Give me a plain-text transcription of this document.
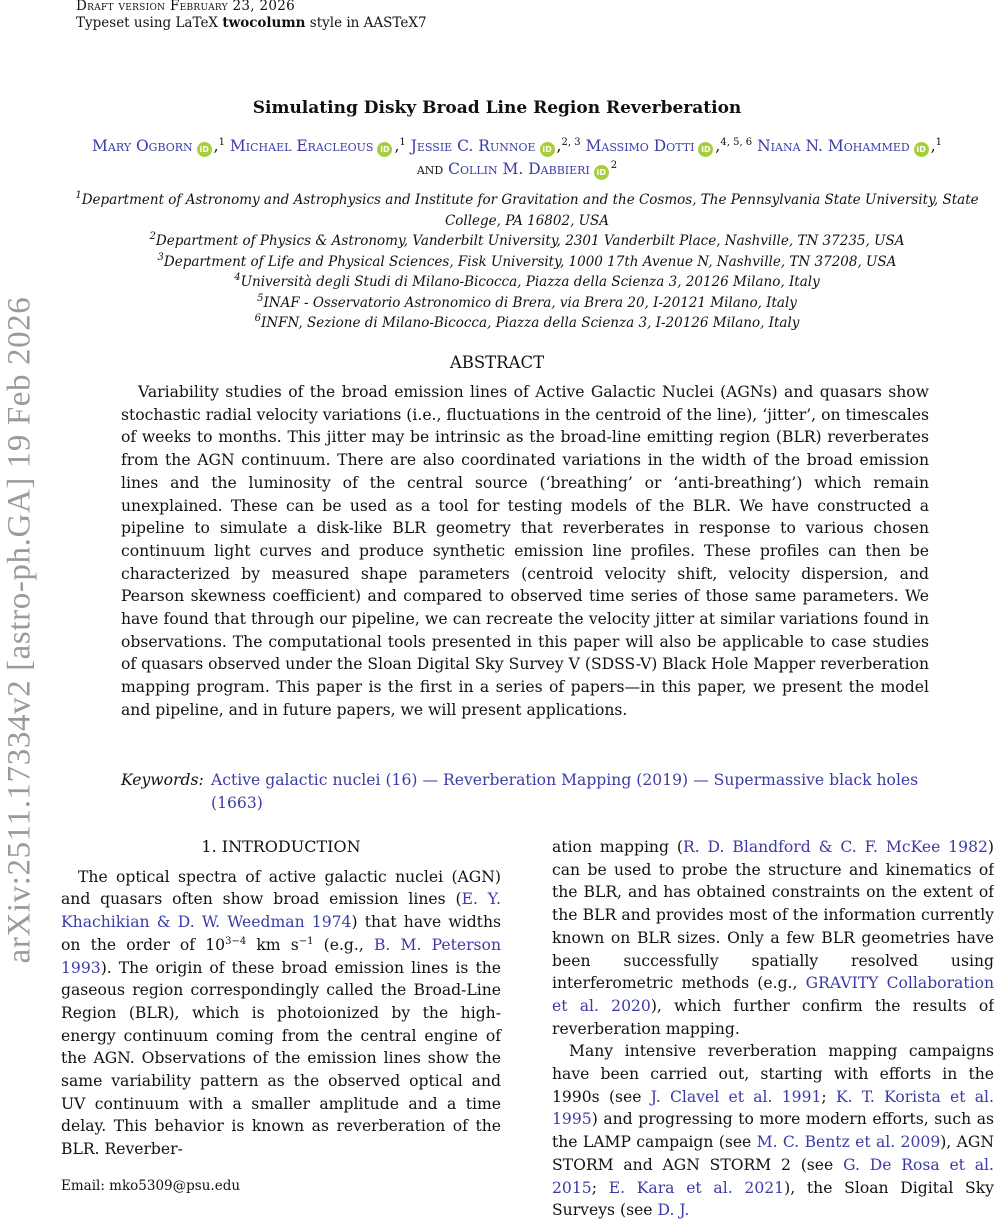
Draft version February 23, 2026
Typeset using LaTeX twocolumn style in AASTeX7
arXiv:2511.17334v2 [astro-ph.GA] 19 Feb 2026
Simulating Disky Broad Line Region Reverberation
Mary Ogborn iD ,$^1$ Michael Eracleous iD ,$^1$ Jessie C. Runnoe iD ,$^{2, 3}$ Massimo Dotti iD ,$^{4, 5, 6}$ Niana N. Mohammed iD ,$^1$
and Collin M. Dabbieri $iD^2$
$^1$Department of Astronomy and Astrophysics and Institute for Gravitation and the Cosmos, The Pennsylvania State University, State College, PA 16802, USA
$^2$Department of Physics & Astronomy, Vanderbilt University, 2301 Vanderbilt Place, Nashville, TN 37235, USA
$^3$Department of Life and Physical Sciences, Fisk University, 1000 17th Avenue N, Nashville, TN 37208, USA
$^4$Università degli Studi di Milano-Bicocca, Piazza della Scienza 3, 20126 Milano, Italy
$^5$INAF - Osservatorio Astronomico di Brera, via Brera 20, I-20121 Milano, Italy
$^6$INFN, Sezione di Milano-Bicocca, Piazza della Scienza 3, I-20126 Milano, Italy
ABSTRACT
Variability studies of the broad emission lines of Active Galactic Nuclei (AGNs) and quasars show stochastic radial velocity variations (i.e., fluctuations in the centroid of the line), ‘jitter’, on timescales of weeks to months. This jitter may be intrinsic as the broad-line emitting region (BLR) reverberates from the AGN continuum. There are also coordinated variations in the width of the broad emission lines and the luminosity of the central source (‘breathing’ or ‘anti-breathing’) which remain unexplained. These can be used as a tool for testing models of the BLR. We have constructed a pipeline to simulate a disk-like BLR geometry that reverberates in response to various chosen continuum light curves and produce synthetic emission line profiles. These profiles can then be characterized by measured shape parameters (centroid velocity shift, velocity dispersion, and Pearson skewness coefficient) and compared to observed time series of those same parameters. We have found that through our pipeline, we can recreate the velocity jitter at similar variations found in observations. The computational tools presented in this paper will also be applicable to case studies of quasars observed under the Sloan Digital Sky Survey V (SDSS-V) Black Hole Mapper reverberation mapping program. This paper is the first in a series of papers—in this paper, we present the model and pipeline, and in future papers, we will present applications.
Keywords: Active galactic nuclei (16) — Reverberation Mapping (2019) — Supermassive black holes (1663)
1. INTRODUCTION

The optical spectra of active galactic nuclei (AGN) and quasars often show broad emission lines (E. Y. Khachikian & D. W. Weedman 1974) that have widths on the order of $10^{3-4}$ km $s^{-1}$ (e.g., B. M. Peterson 1993). The origin of these broad emission lines is the gaseous region correspondingly called the Broad-Line Region (BLR), which is photoionized by the high-energy continuum coming from the central engine of the AGN. Observations of the emission lines show the same variability pattern as the observed optical and UV continuum with a smaller amplitude and a time delay. This behavior is known as reverberation of the BLR. Reverber-

ation mapping (R. D. Blandford & C. F. McKee 1982) can be used to probe the structure and kinematics of the BLR, and has obtained constraints on the extent of the BLR and provides most of the information currently known on BLR sizes. Only a few BLR geometries have been successfully spatially resolved using interferometric methods (e.g., GRAVITY Collaboration et al. 2020), which further confirm the results of reverberation mapping.

Many intensive reverberation mapping campaigns have been carried out, starting with efforts in the 1990s (see J. Clavel et al. 1991; K. T. Korista et al. 1995) and progressing to more modern efforts, such as the LAMP campaign (see M. C. Bentz et al. 2009), AGN STORM and AGN STORM 2 (see G. De Rosa et al. 2015; E. Kara et al. 2021), the Sloan Digital Sky Surveys (see D. J.

Email: mko5309@psu.edu
